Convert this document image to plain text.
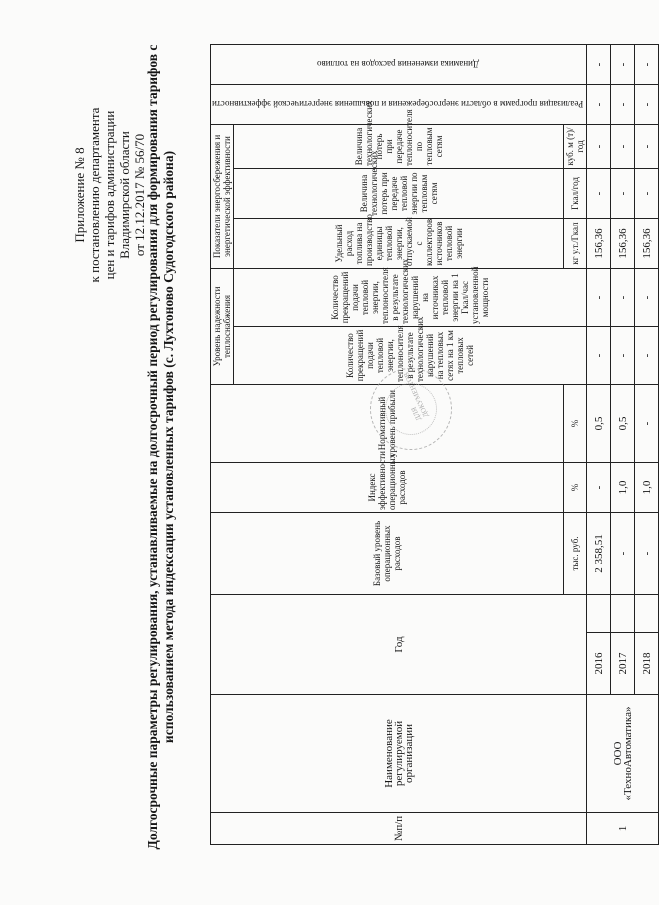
Приложение № 8 к постановлению департамента цен и тарифов администрации Владимирской области от 12.12.2017 № 56/70
Долгосрочные параметры регулирования, устанавливаемые на долгосрочный период регулирования для формирования тарифов с использованием метода индексации установленных тарифов (с. Лухтоново Судогодского района)
№п/п	Наименование регулируемой организации	Год		Базовый уровень операционных расходов	Индекс эффективности операционных расходов	Нормативный уровень прибыли	Уровень надежности теплоснабжения		Показатели энергосбережения и энергетической эффективности			Реализация программ в области энергосбережения и повышения энергетической эффективности	Динамика изменения расходов на топливо
							Количество прекращений подачи тепловой энергии, теплоносителя в результате технологических нарушений на тепловых сетях на 1 км тепловых сетей	Количество прекращений подачи тепловой энергии, теплоносителя в результате технологических нарушений на источниках тепловой энергии на 1 Гкал/час установленной мощности	Удельный расход топлива на производство единицы тепловой энергии, отпускаемой с коллекторов источников тепловой энергии	Величина технологических потерь при передаче тепловой энергии по тепловым сетям	Величина технологических потерь при передаче теплоносителя по тепловым сетям		
				тыс. руб.	%	%			кг у.т./Гкал	Гкал/год	куб. м (т)/год		
1	ООО «ТехноАвтоматика»	2016		2 358,51	-	0,5	-	-	156,36	-	-	-	-
		2017		-	1,0	0,5	-	-	156,36	-	-	-	-
		2018		-	1,0	-	-	-	156,36	-	-	-	-
ДЛЯ ДОКУМЕНТОВ
